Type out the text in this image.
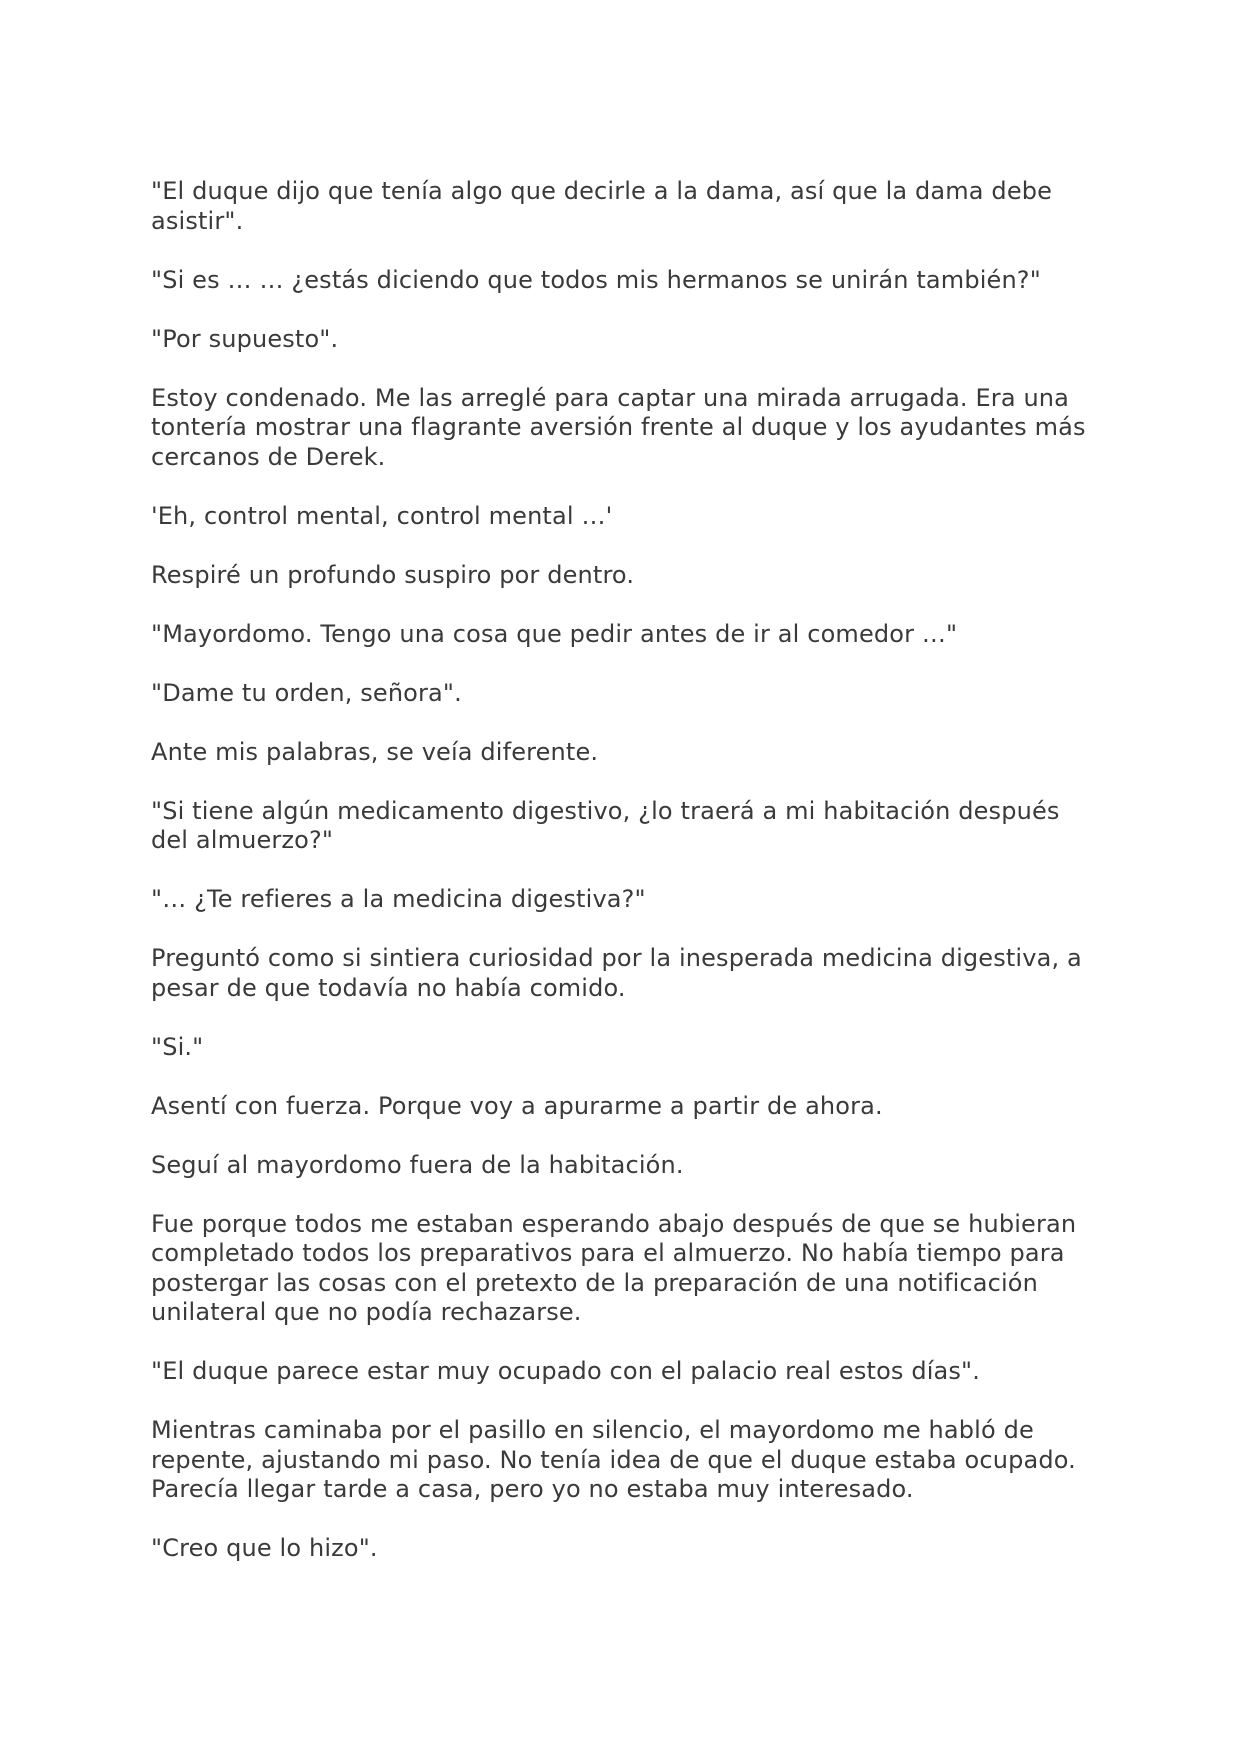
"El duque dijo que tenía algo que decirle a la dama, así que la dama debe asistir".

"Si es … … ¿estás diciendo que todos mis hermanos se unirán también?"

"Por supuesto".

Estoy condenado. Me las arreglé para captar una mirada arrugada. Era una tontería mostrar una flagrante aversión frente al duque y los ayudantes más cercanos de Derek.

'Eh, control mental, control mental …'

Respiré un profundo suspiro por dentro.

"Mayordomo. Tengo una cosa que pedir antes de ir al comedor …"

"Dame tu orden, señora".

Ante mis palabras, se veía diferente.

"Si tiene algún medicamento digestivo, ¿lo traerá a mi habitación después del almuerzo?"

"… ¿Te refieres a la medicina digestiva?"

Preguntó como si sintiera curiosidad por la inesperada medicina digestiva, a pesar de que todavía no había comido.

"Si."

Asentí con fuerza. Porque voy a apurarme a partir de ahora.

Seguí al mayordomo fuera de la habitación.

Fue porque todos me estaban esperando abajo después de que se hubieran completado todos los preparativos para el almuerzo. No había tiempo para postergar las cosas con el pretexto de la preparación de una notificación unilateral que no podía rechazarse.

"El duque parece estar muy ocupado con el palacio real estos días".

Mientras caminaba por el pasillo en silencio, el mayordomo me habló de repente, ajustando mi paso. No tenía idea de que el duque estaba ocupado. Parecía llegar tarde a casa, pero yo no estaba muy interesado.

"Creo que lo hizo".
